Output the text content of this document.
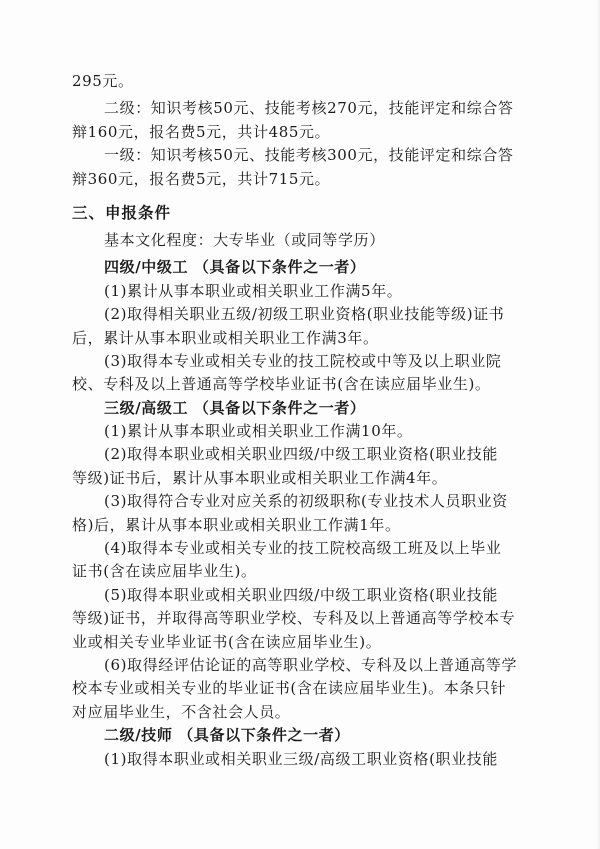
295元。
二级：知识考核50元、技能考核270元，技能评定和综合答
辩160元，报名费5元，共计485元。
一级：知识考核50元、技能考核300元，技能评定和综合答
辩360元，报名费5元，共计715元。
三、申报条件
基本文化程度：大专毕业（或同等学历）
四级/中级工 （具备以下条件之一者）
(1)累计从事本职业或相关职业工作满5年。
(2)取得相关职业五级/初级工职业资格(职业技能等级)证书
后，累计从事本职业或相关职业工作满3年。
(3)取得本专业或相关专业的技工院校或中等及以上职业院
校、专科及以上普通高等学校毕业证书(含在读应届毕业生)。
三级/高级工 （具备以下条件之一者）
(1)累计从事本职业或相关职业工作满10年。
(2)取得本职业或相关职业四级/中级工职业资格(职业技能
等级)证书后，累计从事本职业或相关职业工作满4年。
(3)取得符合专业对应关系的初级职称(专业技术人员职业资
格)后，累计从事本职业或相关职业工作满1年。
(4)取得本专业或相关专业的技工院校高级工班及以上毕业
证书(含在读应届毕业生)。
(5)取得本职业或相关职业四级/中级工职业资格(职业技能
等级)证书，并取得高等职业学校、专科及以上普通高等学校本专
业或相关专业毕业证书(含在读应届毕业生)。
(6)取得经评估论证的高等职业学校、专科及以上普通高等学
校本专业或相关专业的毕业证书(含在读应届毕业生)。本条只针
对应届毕业生，不含社会人员。
二级/技师 （具备以下条件之一者）
(1)取得本职业或相关职业三级/高级工职业资格(职业技能
